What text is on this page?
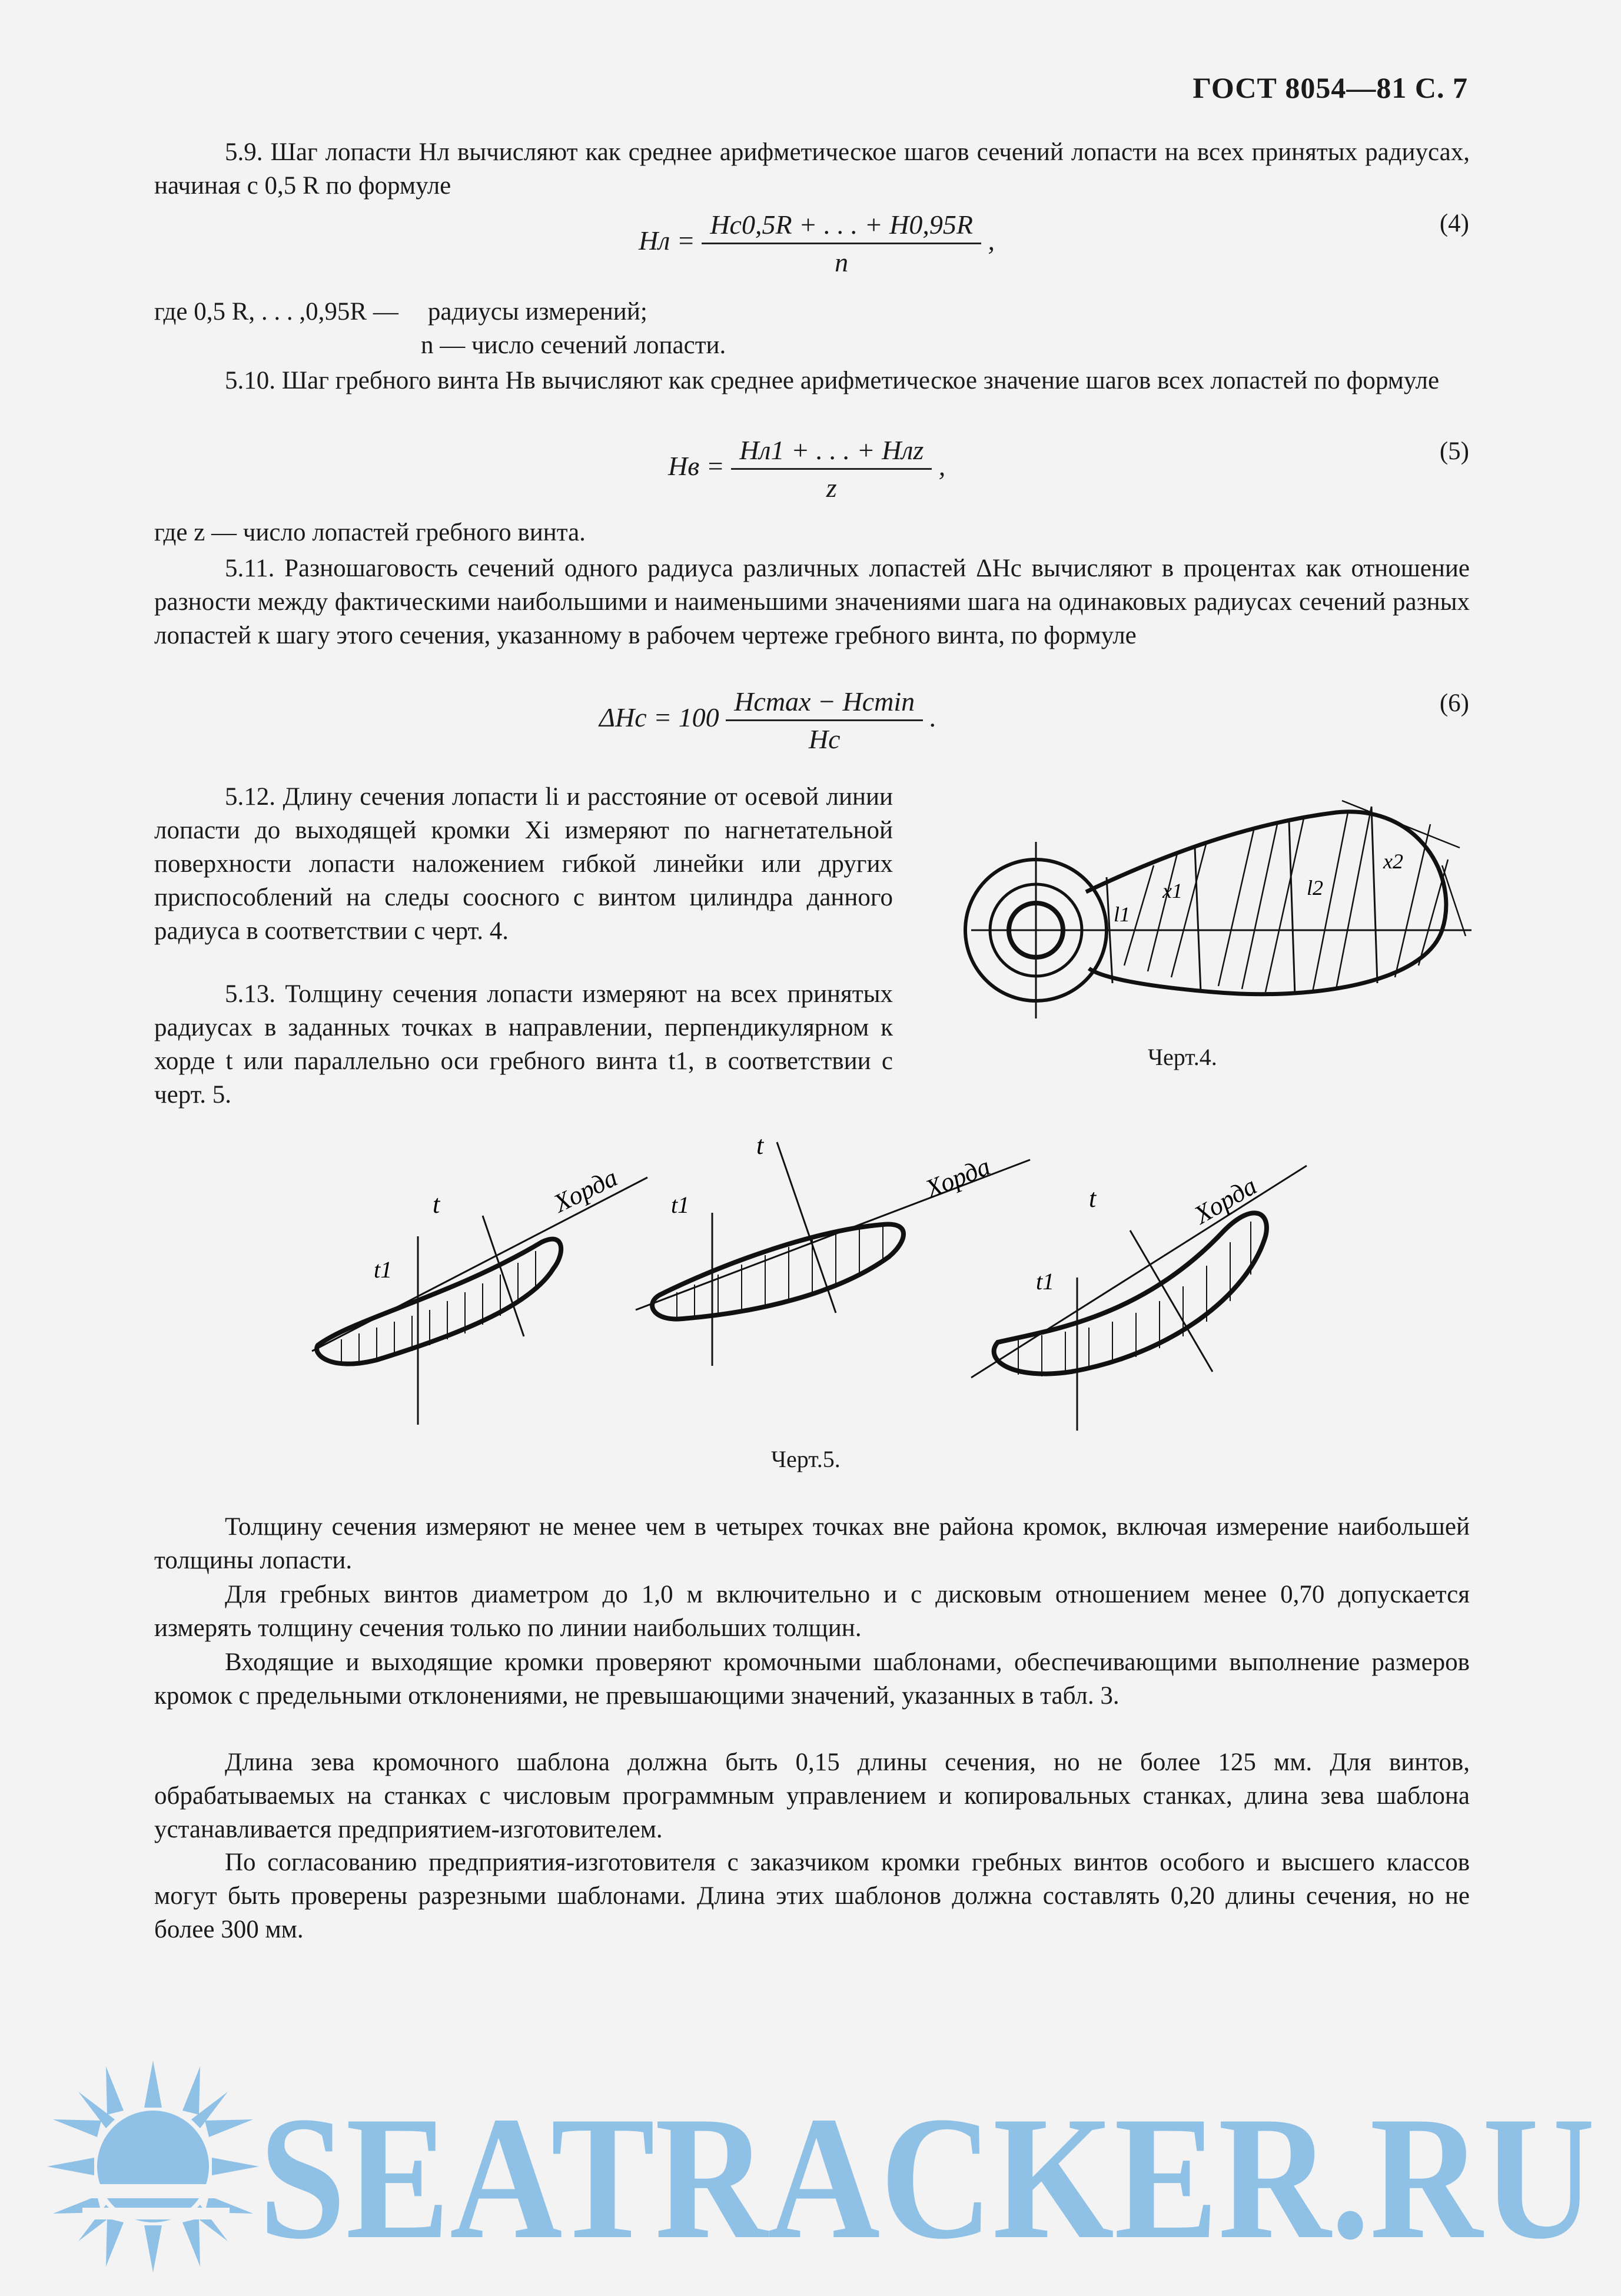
ГОСТ 8054—81 С. 7
5.9. Шаг лопасти Hл вычисляют как среднее арифметическое шагов сечений лопасти на всех принятых радиусах, начиная с 0,5 R по формуле
Hл = $\frac{Hc0,5R + . . . + H0,95R}{n}$ ,
(4)
где 0,5 R, . . . ,0,95R — радиусы измерений;
n — число сечений лопасти.
5.10. Шаг гребного винта Hв вычисляют как среднее арифметическое значение шагов всех лопастей по формуле
Hв = $\frac{\text{Hл1 + . . . + Hлz}}{z}$ ,	(5)
где z — число лопастей гребного винта.
5.11. Разношаговость сечений одного радиуса различных лопастей ΔHc вычисляют в процентах как отношение разности между фактическими наибольшими и наименьшими значениями шага на одинаковых радиусах сечений разных лопастей к шагу этого сечения, указанному в рабочем чертеже гребного винта, по формуле
$\Delta Hc = 100 \frac{Hcmax - Hcmin}{Hc}$ .	(6)
5.12. Длину сечения лопасти li и расстояние от осевой линии лопасти до выходящей кромки Xi измеряют по нагнетательной поверхности лопасти наложением гибкой линейки или других приспособлений на следы соосного с винтом цилиндра данного радиуса в соответствии с черт. 4.
5.13. Толщину сечения лопасти измеряют на всех принятых радиусах в заданных точках в направлении, перпендикулярном к хорде t или параллельно оси гребного винта t1, в соответствии с черт. 5.
l1
x1	l2
x2
Черт.4.
t1
t	Хорда t1
t
Хорда
t1
t	Хорда
Черт.5.
Толщину сечения измеряют не менее чем в четырех точках вне района кромок, включая измерение наибольшей толщины лопасти.
Для гребных винтов диаметром до 1,0 м включительно и с дисковым отношением менее 0,70 допускается измерять толщину сечения только по линии наибольших толщин.
Входящие и выходящие кромки проверяют кромочными шаблонами, обеспечивающими выполнение размеров кромок с предельными отклонениями, не превышающими значений, указанных в табл. 3.
Длина зева кромочного шаблона должна быть 0,15 длины сечения, но не более 125 мм. Для винтов, обрабатываемых на станках с числовым программным управлением и копировальных станках, длина зева шаблона устанавливается предприятием-изготовителем.
По согласованию предприятия-изготовителя с заказчиком кромки гребных винтов особого и высшего классов могут быть проверены разрезными шаблонами. Длина этих шаблонов должна составлять 0,20 длины сечения, но не более 300 мм.
SEATRACKER.RU
